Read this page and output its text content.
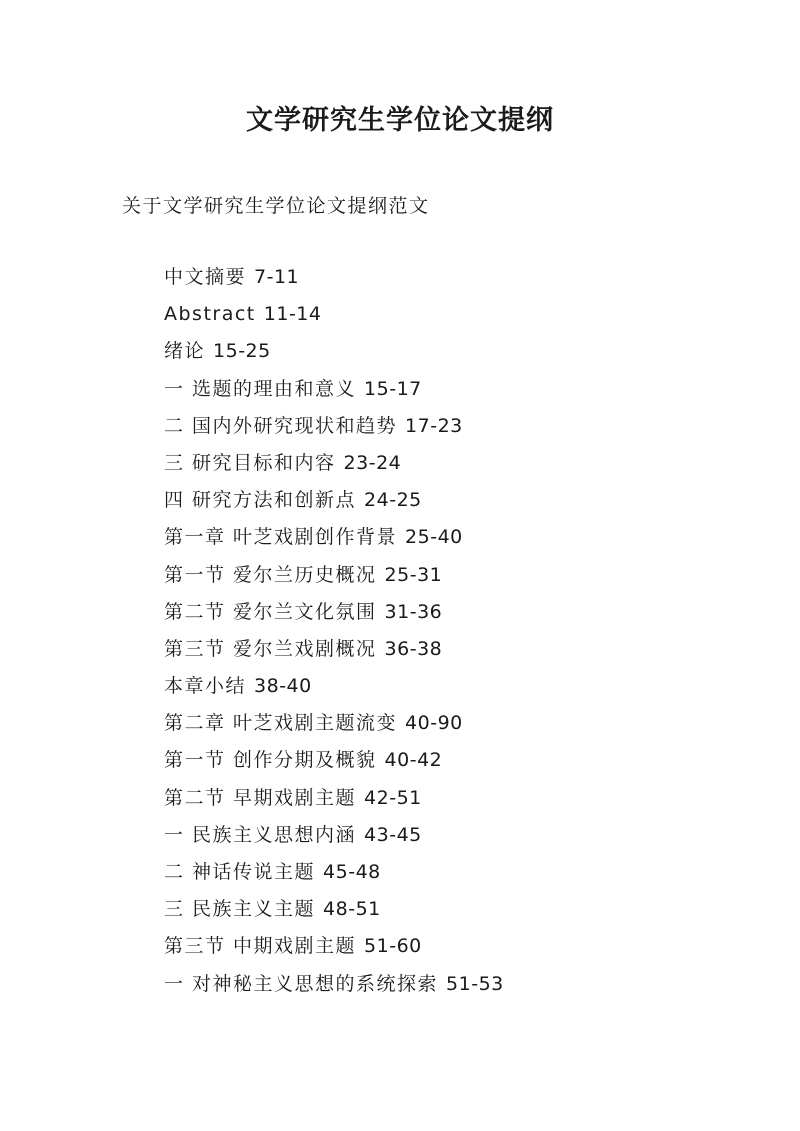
文学研究生学位论文提纲
关于文学研究生学位论文提纲范文
中文摘要 7-11
Abstract 11-14
绪论 15-25
一 选题的理由和意义 15-17
二 国内外研究现状和趋势 17-23
三 研究目标和内容 23-24
四 研究方法和创新点 24-25
第一章 叶芝戏剧创作背景 25-40
第一节 爱尔兰历史概况 25-31
第二节 爱尔兰文化氛围 31-36
第三节 爱尔兰戏剧概况 36-38
本章小结 38-40
第二章 叶芝戏剧主题流变 40-90
第一节 创作分期及概貌 40-42
第二节 早期戏剧主题 42-51
一 民族主义思想内涵 43-45
二 神话传说主题 45-48
三 民族主义主题 48-51
第三节 中期戏剧主题 51-60
一 对神秘主义思想的系统探索 51-53
